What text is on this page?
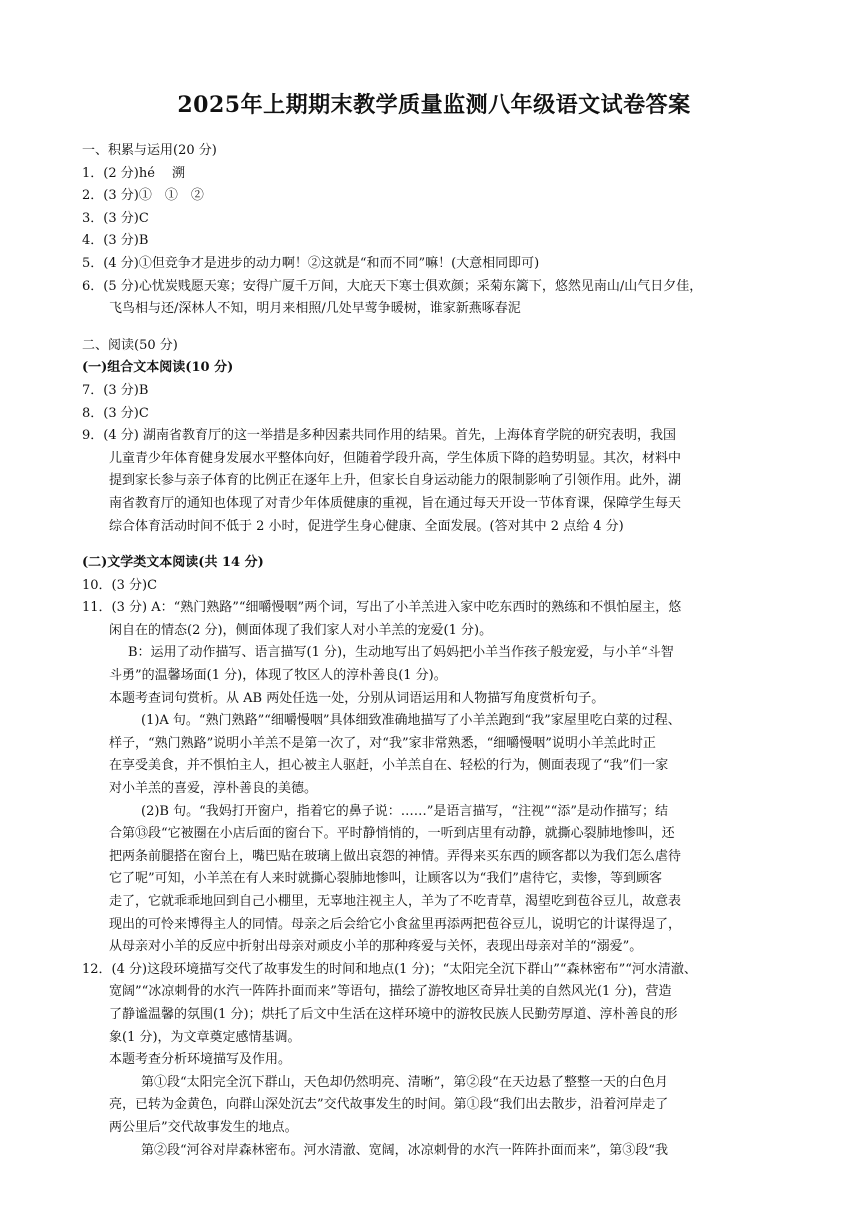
2025年上期期末教学质量监测八年级语文试卷答案
一、积累与运用(20 分)
1．(2 分)hé　 溯
2．(3 分)①　①　②
3．(3 分)C
4．(3 分)B
5．(4 分)①但竞争才是进步的动力啊！②这就是“和而不同”嘛！(大意相同即可)
6．(5 分)心忧炭贱愿天寒；安得广厦千万间，大庇天下寒士俱欢颜；采菊东篱下，悠然见南山/山气日夕佳，
飞鸟相与还/深林人不知，明月来相照/几处早莺争暖树，谁家新燕啄春泥
二、阅读(50 分)
(一)组合文本阅读(10 分)
7．(3 分)B
8．(3 分)C
9．(4 分) 湖南省教育厅的这一举措是多种因素共同作用的结果。首先，上海体育学院的研究表明，我国
儿童青少年体育健身发展水平整体向好，但随着学段升高，学生体质下降的趋势明显。其次，材料中
提到家长参与亲子体育的比例正在逐年上升，但家长自身运动能力的限制影响了引领作用。此外，湖
南省教育厅的通知也体现了对青少年体质健康的重视，旨在通过每天开设一节体育课，保障学生每天
综合体育活动时间不低于 2 小时，促进学生身心健康、全面发展。(答对其中 2 点给 4 分)
(二)文学类文本阅读(共 14 分)
10．(3 分)C
11．(3 分) A：“熟门熟路”“细嚼慢咽”两个词，写出了小羊羔进入家中吃东西时的熟练和不惧怕屋主，悠
闲自在的情态(2 分)，侧面体现了我们家人对小羊羔的宠爱(1 分)。
B：运用了动作描写、语言描写(1 分)，生动地写出了妈妈把小羊当作孩子般宠爱，与小羊“斗智
斗勇”的温馨场面(1 分)，体现了牧区人的淳朴善良(1 分)。
本题考查词句赏析。从 AB 两处任选一处，分别从词语运用和人物描写角度赏析句子。
(1)A 句。“熟门熟路”“细嚼慢咽”具体细致准确地描写了小羊羔跑到“我”家屋里吃白菜的过程、
样子，“熟门熟路”说明小羊羔不是第一次了，对“我”家非常熟悉，“细嚼慢咽”说明小羊羔此时正
在享受美食，并不惧怕主人，担心被主人驱赶，小羊羔自在、轻松的行为，侧面表现了“我”们一家
对小羊羔的喜爱，淳朴善良的美德。
(2)B 句。“我妈打开窗户，指着它的鼻子说：……”是语言描写，“注视”“添”是动作描写；结
合第⑬段“它被圈在小店后面的窗台下。平时静悄悄的，一听到店里有动静，就撕心裂肺地惨叫，还
把两条前腿搭在窗台上，嘴巴贴在玻璃上做出哀怨的神情。弄得来买东西的顾客都以为我们怎么虐待
它了呢”可知，小羊羔在有人来时就撕心裂肺地惨叫，让顾客以为“我们”虐待它，卖惨，等到顾客
走了，它就乖乖地回到自己小棚里，无辜地注视主人，羊为了不吃青草，渴望吃到苞谷豆儿，故意表
现出的可怜来博得主人的同情。母亲之后会给它小食盆里再添两把苞谷豆儿，说明它的计谋得逞了，
从母亲对小羊的反应中折射出母亲对顽皮小羊的那种疼爱与关怀，表现出母亲对羊的“溺爱”。
12．(4 分)这段环境描写交代了故事发生的时间和地点(1 分)；“太阳完全沉下群山”“森林密布”“河水清澈、
宽阔”“冰凉刺骨的水汽一阵阵扑面而来”等语句，描绘了游牧地区奇异壮美的自然风光(1 分)，营造
了静谧温馨的氛围(1 分)；烘托了后文中生活在这样环境中的游牧民族人民勤劳厚道、淳朴善良的形
象(1 分)，为文章奠定感情基调。
本题考查分析环境描写及作用。
第①段“太阳完全沉下群山，天色却仍然明亮、清晰”，第②段“在天边悬了整整一天的白色月
亮，已转为金黄色，向群山深处沉去”交代故事发生的时间。第①段“我们出去散步，沿着河岸走了
两公里后”交代故事发生的地点。
第②段“河谷对岸森林密布。河水清澈、宽阔，冰凉刺骨的水汽一阵阵扑面而来”，第③段“我
